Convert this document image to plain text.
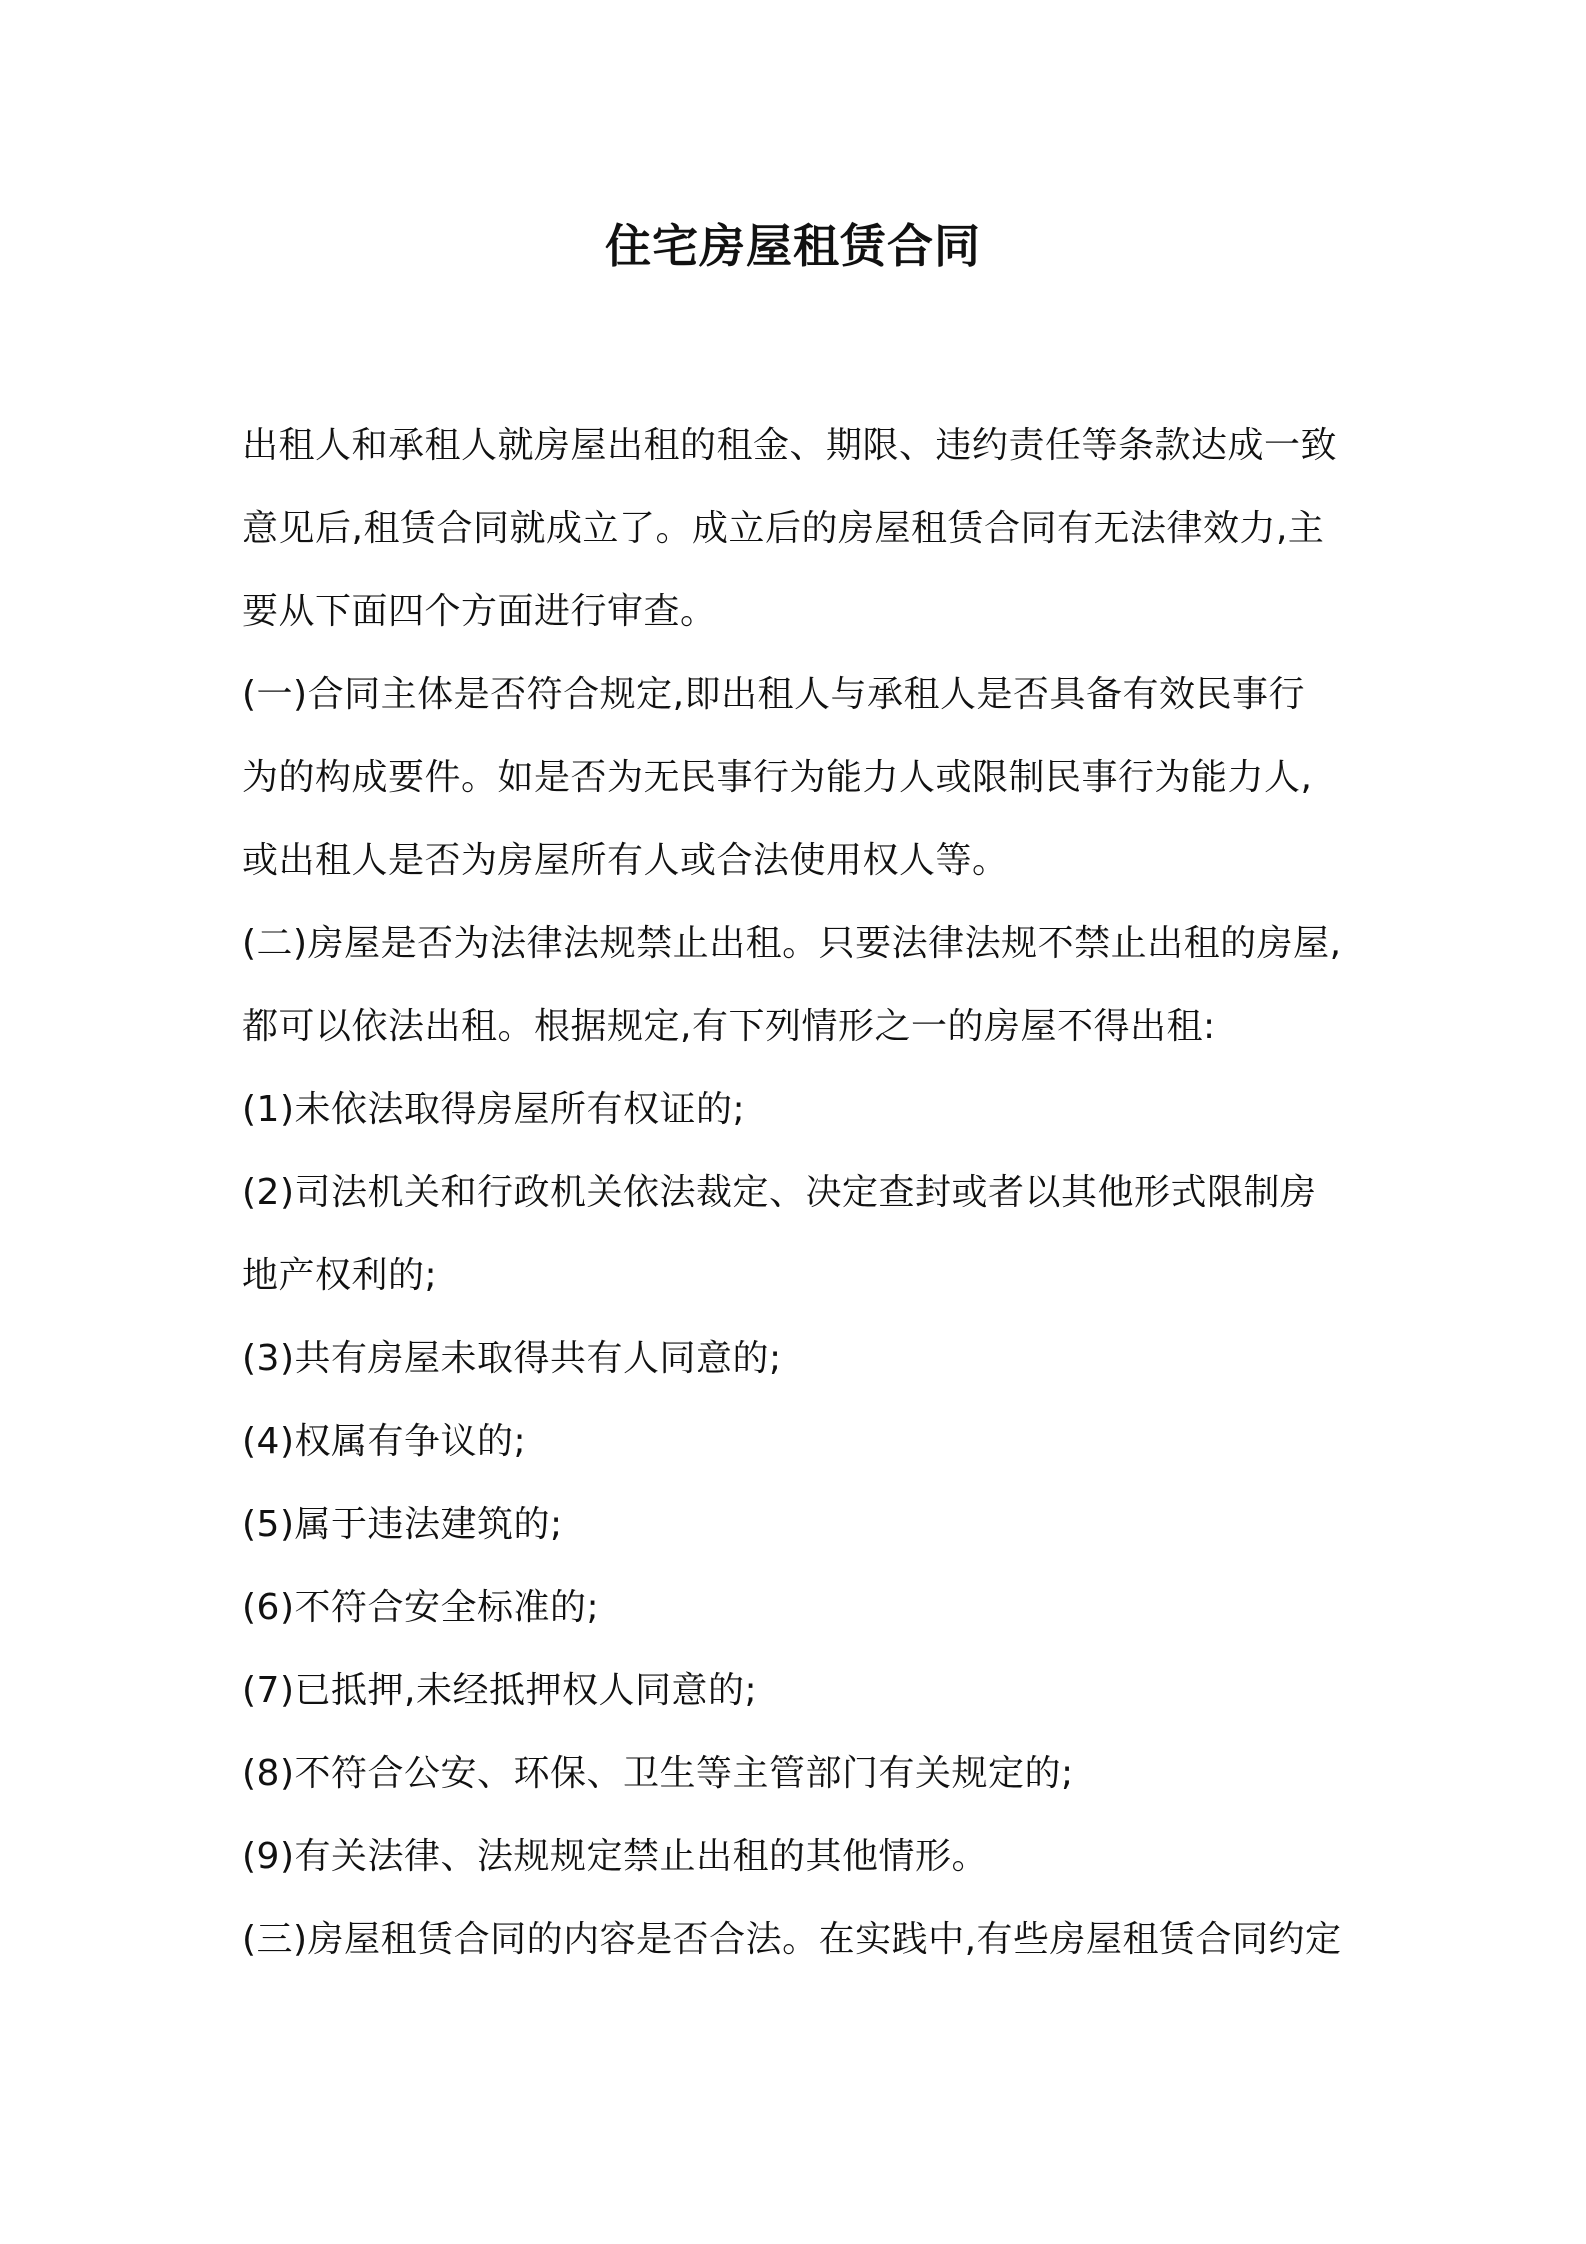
住宅房屋租赁合同
出租人和承租人就房屋出租的租金、期限、违约责任等条款达成一致
意见后,租赁合同就成立了。成立后的房屋租赁合同有无法律效力,主
要从下面四个方面进行审查。
(一)合同主体是否符合规定,即出租人与承租人是否具备有效民事行
为的构成要件。如是否为无民事行为能力人或限制民事行为能力人,
或出租人是否为房屋所有人或合法使用权人等。
(二)房屋是否为法律法规禁止出租。只要法律法规不禁止出租的房屋,
都可以依法出租。根据规定,有下列情形之一的房屋不得出租:
(1)未依法取得房屋所有权证的;
(2)司法机关和行政机关依法裁定、决定查封或者以其他形式限制房
地产权利的;
(3)共有房屋未取得共有人同意的;
(4)权属有争议的;
(5)属于违法建筑的;
(6)不符合安全标准的;
(7)已抵押,未经抵押权人同意的;
(8)不符合公安、环保、卫生等主管部门有关规定的;
(9)有关法律、法规规定禁止出租的其他情形。
(三)房屋租赁合同的内容是否合法。在实践中,有些房屋租赁合同约定
